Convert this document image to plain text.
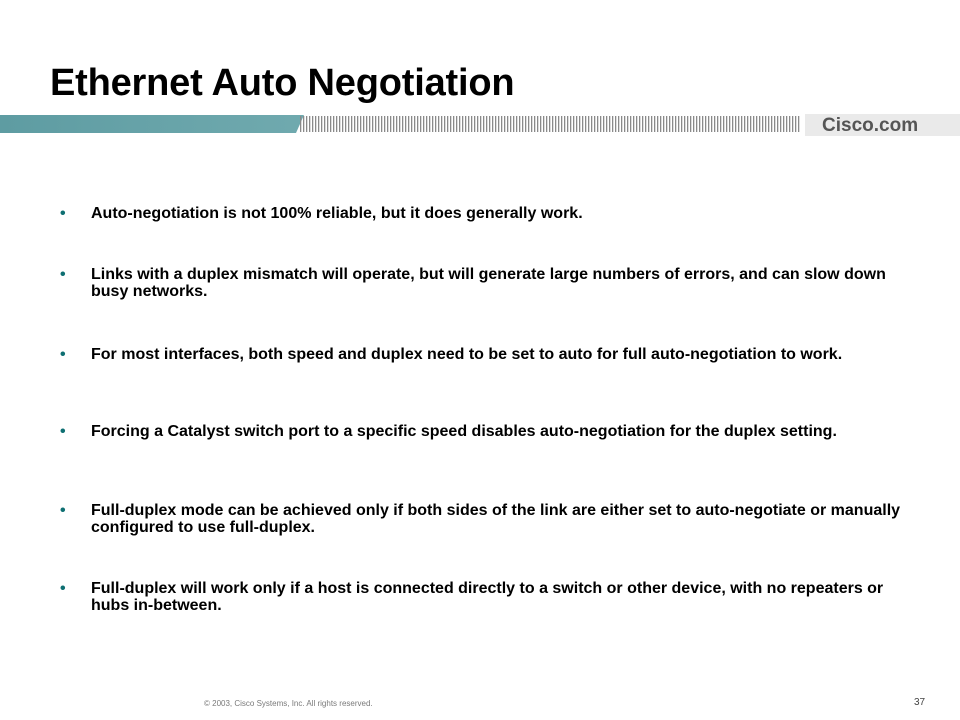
Ethernet Auto Negotiation
Cisco.com
• Auto-negotiation is not 100% reliable, but it does generally work.
• Links with a duplex mismatch will operate, but will generate large numbers of errors, and can slow down busy networks.
• For most interfaces, both speed and duplex need to be set to auto for full auto-negotiation to work.
• Forcing a Catalyst switch port to a specific speed disables auto-negotiation for the duplex setting.
• Full-duplex mode can be achieved only if both sides of the link are either set to auto-negotiate or manually configured to use full-duplex.
• Full-duplex will work only if a host is connected directly to a switch or other device, with no repeaters or hubs in-between.
© 2003, Cisco Systems, Inc. All rights reserved.	37
